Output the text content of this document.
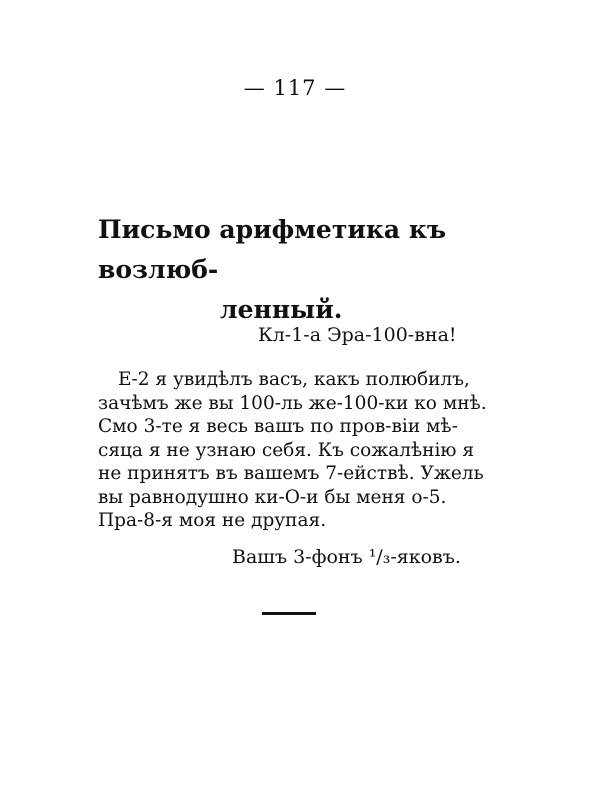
— 117 —
Письмо арифметика къ возлюб-
ленный.
Кл-1-а Эра-100-вна!
Е-2 я увидѣлъ васъ, какъ полюбилъ,
зачѣмъ же вы 100-ль же-100-ки ко мнѣ.
Смо 3-те я весь вашъ по пров-віи мѣ-
сяца я не узнаю себя. Къ сожалѣнію я
не принятъ въ вашемъ 7-ействѣ. Ужель
вы равнодушно ки-О-и бы меня о-5.
Пра-8-я моя не друпая.
Вашъ 3-фонъ ¹/₃-яковъ.
